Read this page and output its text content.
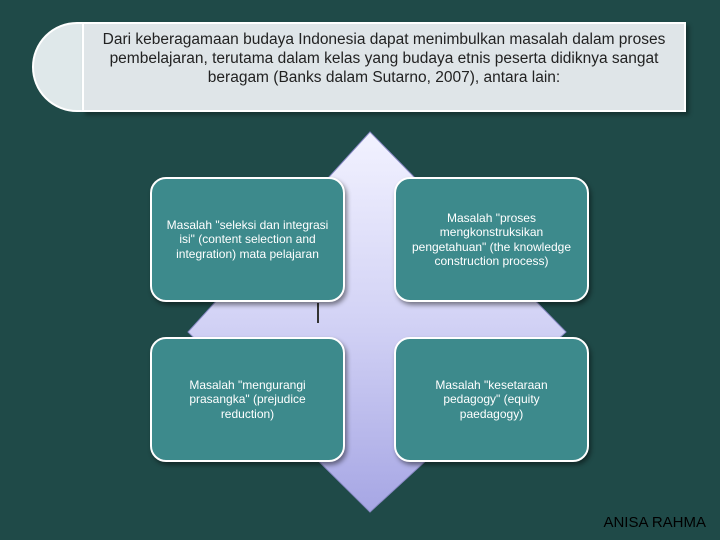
Dari keberagamaan budaya Indonesia dapat menimbulkan masalah dalam proses pembelajaran, terutama dalam kelas yang budaya etnis peserta didiknya sangat beragam (Banks dalam Sutarno, 2007), antara lain:
Masalah "seleksi dan integrasi isi" (content selection and integration) mata pelajaran
Masalah "proses mengkonstruksikan pengetahuan" (the knowledge construction process)
Masalah "mengurangi prasangka" (prejudice reduction)
Masalah "kesetaraan pedagogy" (equity paedagogy)
ANISA RAHMA
